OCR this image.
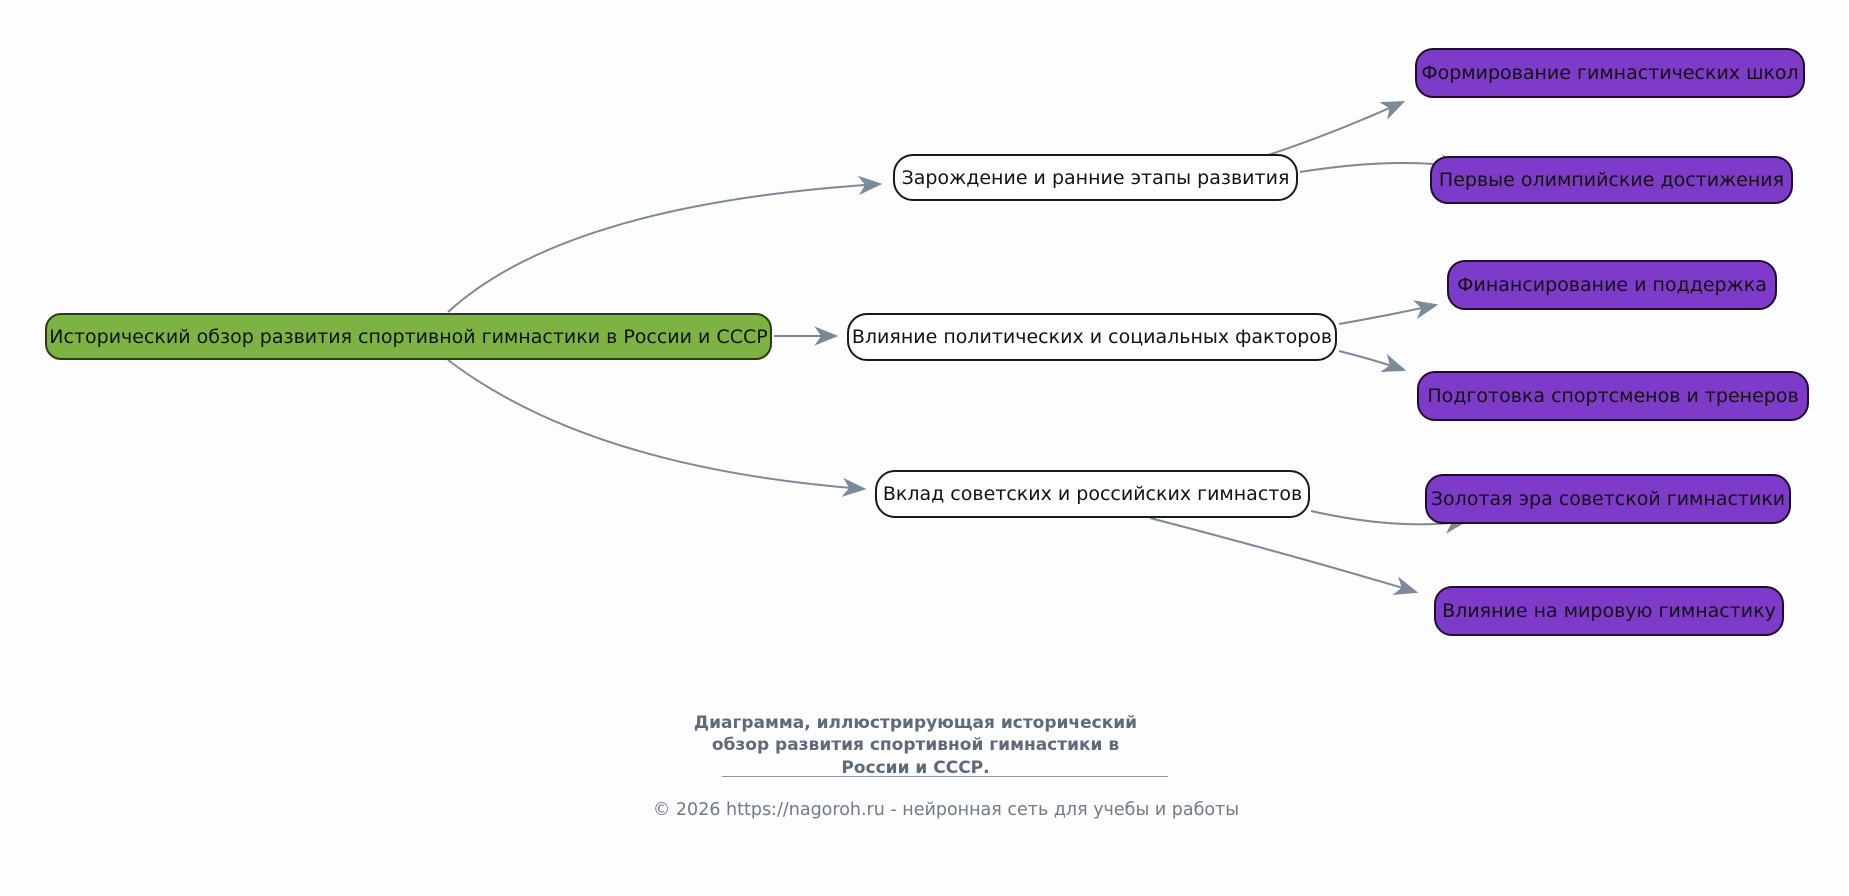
Исторический обзор развития спортивной гимнастики в России и СССР
Зарождение и ранние этапы развития
Влияние политических и социальных факторов
Вклад советских и российских гимнастов
Формирование гимнастических школ
Первые олимпийские достижения
Финансирование и поддержка
Подготовка спортсменов и тренеров
Золотая эра советской гимнастики
Влияние на мировую гимнастику
Диаграмма, иллюстрирующая исторический обзор развития спортивной гимнастики в России и СССР.
© 2026 https://nagoroh.ru - нейронная сеть для учебы и работы
